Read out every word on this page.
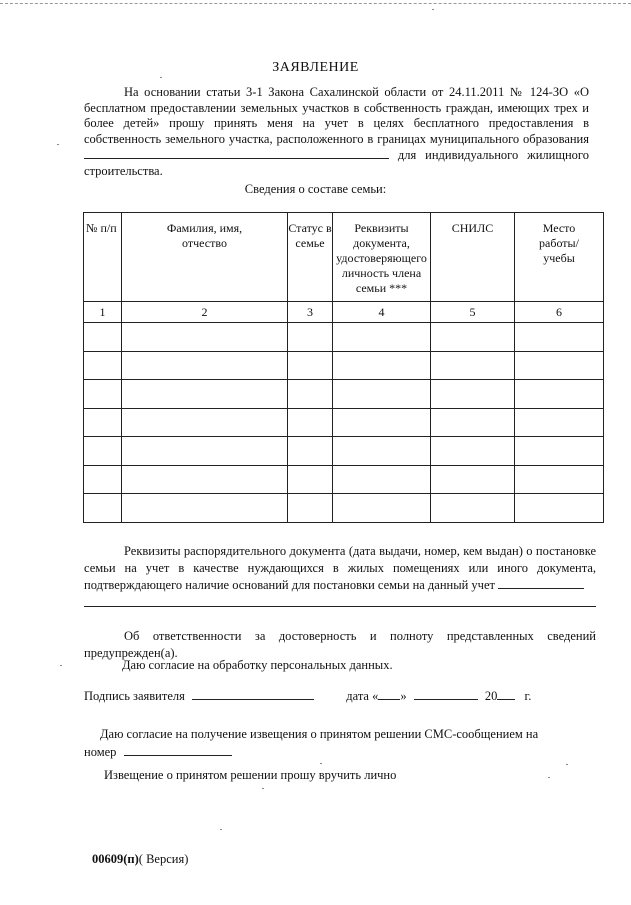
ЗАЯВЛЕНИЕ
На основании статьи 3-1 Закона Сахалинской области от 24.11.2011 № 124-ЗО «О бесплатном предоставлении земельных участков в собственность граждан, имеющих трех и более детей» прошу принять меня на учет в целях бесплатного предоставления в собственность земельного участка, расположенного в границах муниципального образования  для индивидуального жилищного строительства.
Сведения о составе семьи:
№ п/п	Фамилия, имя, отчество	Статус в семье	Реквизиты документа, удостоверяющего личность члена семьи ***	СНИЛС	Место работы/учебы
1	2	3	4	5	6

Реквизиты распорядительного документа (дата выдачи, номер, кем выдан) о постановке семьи на учет в качестве нуждающихся в жилых помещениях или иного документа, подтверждающего наличие оснований для постановки семьи на данный учет
Об ответственности за достоверность и полноту представленных сведений предупрежден(а).
Даю согласие на обработку персональных данных.
Подпись заявителя	дата « »	20 г.
Даю согласие на получение извещения о принятом решении СМС-сообщением на
номер
Извещение о принятом решении прошу вручить лично
00609(п)( Версия)
